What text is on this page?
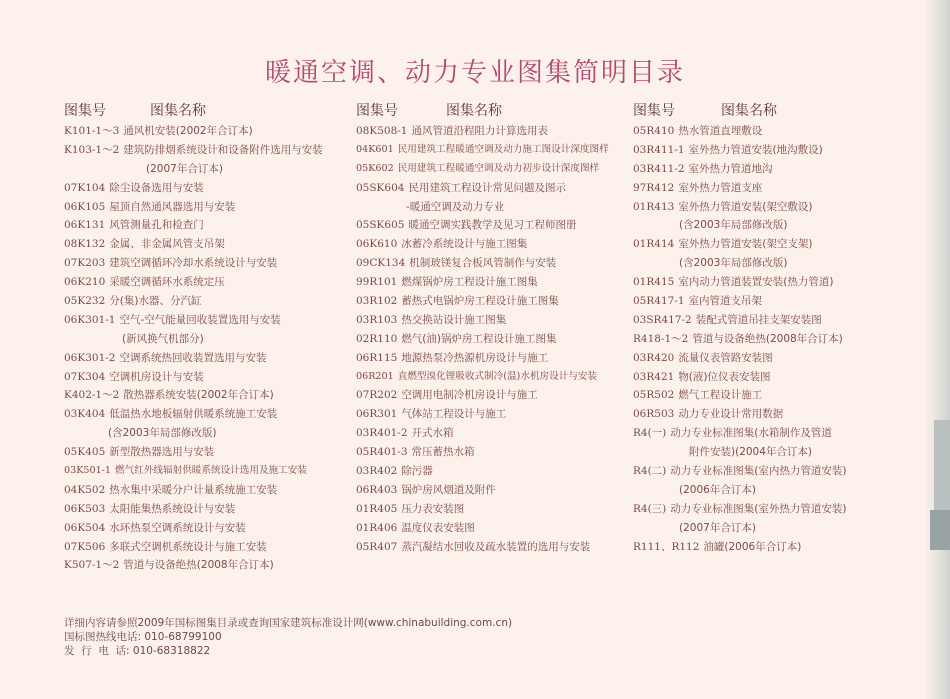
暖通空调、动力专业图集简明目录
图集号	图集名称
K101-1～3 通风机安装(2002年合订本)
K103-1～2 建筑防排烟系统设计和设备附件选用与安装
(2007年合订本)
07K104 除尘设备选用与安装
06K105 屋顶自然通风器选用与安装
06K131 风管测量孔和检查门
08K132 金属、非金属风管支吊架
07K203 建筑空调循环冷却水系统设计与安装
06K210 采暖空调循环水系统定压
05K232 分(集)水器、分汽缸
06K301-1 空气-空气能量回收装置选用与安装
(新风换气机部分)
06K301-2 空调系统热回收装置选用与安装
07K304 空调机房设计与安装
K402-1～2 散热器系统安装(2002年合订本)
03K404 低温热水地板辐射供暖系统施工安装
(含2003年局部修改版)
05K405 新型散热器选用与安装
03K501-1 燃气红外线辐射供暖系统设计选用及施工安装
04K502 热水集中采暖分户计量系统施工安装
06K503 太阳能集热系统设计与安装
06K504 水环热泵空调系统设计与安装
07K506 多联式空调机系统设计与施工安装
K507-1～2 管道与设备绝热(2008年合订本)
图集号	图集名称
08K508-1 通风管道沿程阻力计算选用表
04K601 民用建筑工程暖通空调及动力施工图设计深度图样
05K602 民用建筑工程暖通空调及动力初步设计深度图样
05SK604 民用建筑工程设计常见问题及图示
-暖通空调及动力专业
05SK605 暖通空调实践教学及见习工程师图册
06K610 冰蓄冷系统设计与施工图集
09CK134 机制玻镁复合板风管制作与安装
99R101 燃煤锅炉房工程设计施工图集
03R102 蓄热式电锅炉房工程设计施工图集
03R103 热交换站设计施工图集
02R110 燃气(油)锅炉房工程设计施工图集
06R115 地源热泵冷热源机房设计与施工
06R201 直燃型溴化锂吸收式制冷(温)水机房设计与安装
07R202 空调用电制冷机房设计与施工
06R301 气体站工程设计与施工
03R401-2 开式水箱
05R401-3 常压蓄热水箱
03R402 除污器
06R403 锅炉房风烟道及附件
01R405 压力表安装图
01R406 温度仪表安装图
05R407 蒸汽凝结水回收及疏水装置的选用与安装
图集号	图集名称
05R410 热水管道直埋敷设
03R411-1 室外热力管道安装(地沟敷设)
03R411-2 室外热力管道地沟
97R412 室外热力管道支座
01R413 室外热力管道安装(架空敷设)
(含2003年局部修改版)
01R414 室外热力管道安装(架空支架)
(含2003年局部修改版)
01R415 室内动力管道装置安装(热力管道)
05R417-1 室内管道支吊架
03SR417-2 装配式管道吊挂支架安装图
R418-1～2 管道与设备绝热(2008年合订本)
03R420 流量仪表管路安装图
03R421 物(液)位仪表安装图
05R502 燃气工程设计施工
06R503 动力专业设计常用数据
R4(一) 动力专业标准图集(水箱制作及管道
附件安装)(2004年合订本)
R4(二) 动力专业标准图集(室内热力管道安装)
(2006年合订本)
R4(三) 动力专业标准图集(室外热力管道安装)
(2007年合订本)
R111、R112 油罐(2006年合订本)
详细内容请参照2009年国标图集目录或查询国家建筑标准设计网(www.chinabuilding.com.cn)
国标图热线电话: 010-68799100
发  行  电  话: 010-68318822
